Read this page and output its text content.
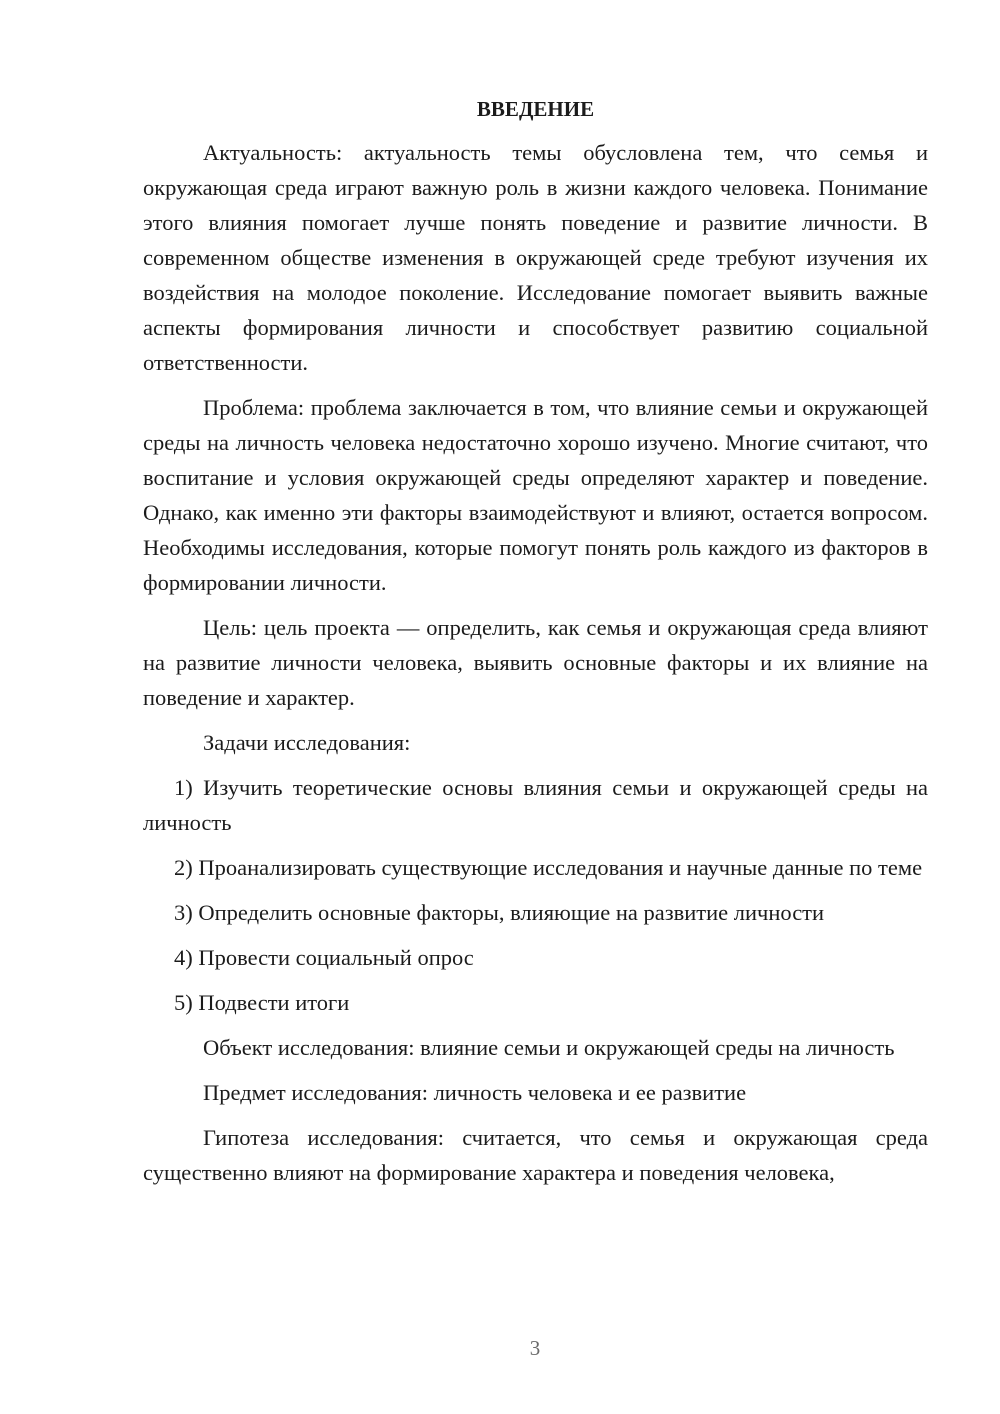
ВВЕДЕНИЕ

Актуальность: актуальность темы обусловлена тем, что семья и окружающая среда играют важную роль в жизни каждого человека. Понимание этого влияния помогает лучше понять поведение и развитие личности. В современном обществе изменения в окружающей среде требуют изучения их воздействия на молодое поколение. Исследование помогает выявить важные аспекты формирования личности и способствует развитию социальной ответственности.

Проблема: проблема заключается в том, что влияние семьи и окружающей среды на личность человека недостаточно хорошо изучено. Многие считают, что воспитание и условия окружающей среды определяют характер и поведение. Однако, как именно эти факторы взаимодействуют и влияют, остается вопросом. Необходимы исследования, которые помогут понять роль каждого из факторов в формировании личности.

Цель: цель проекта — определить, как семья и окружающая среда влияют на развитие личности человека, выявить основные факторы и их влияние на поведение и характер.

Задачи исследования:

1) Изучить теоретические основы влияния семьи и окружающей среды на личность

2) Проанализировать существующие исследования и научные данные по теме

3) Определить основные факторы, влияющие на развитие личности

4) Провести социальный опрос

5) Подвести итоги

Объект исследования: влияние семьи и окружающей среды на личность

Предмет исследования: личность человека и ее развитие

Гипотеза исследования: считается, что семья и окружающая среда существенно влияют на формирование характера и поведения человека,

3
